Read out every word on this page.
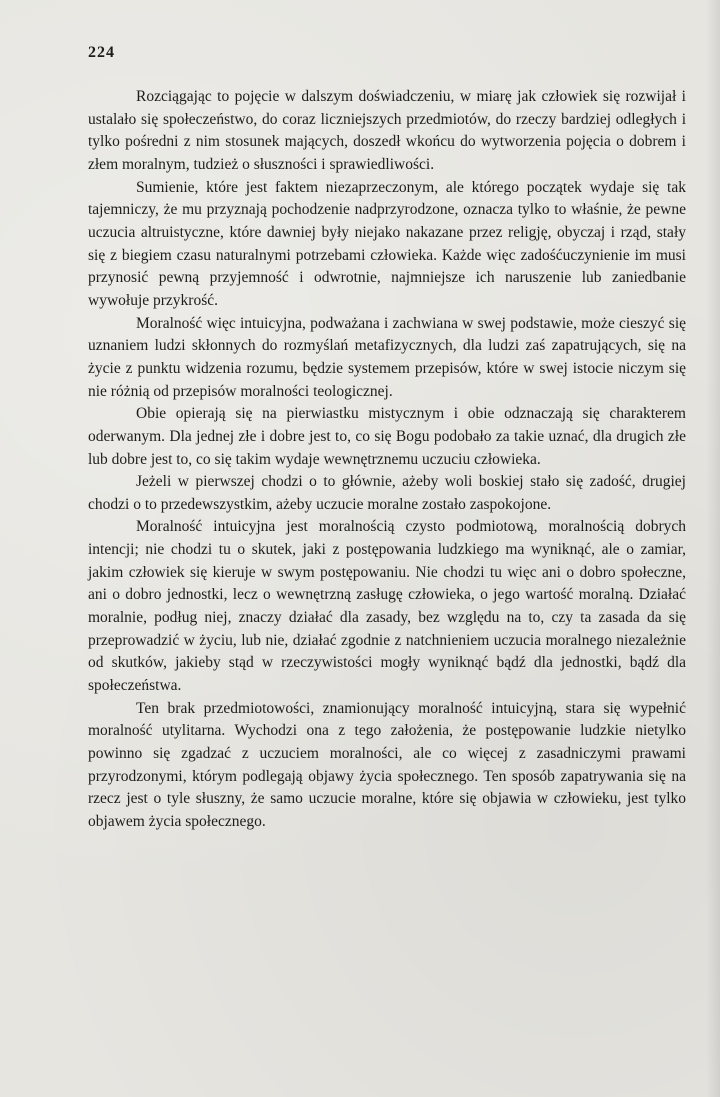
224

Rozciągając to pojęcie w dalszym doświadczeniu, w miarę jak człowiek się rozwijał i ustalało się społeczeństwo, do coraz liczniejszych przedmiotów, do rzeczy bardziej odległych i tylko pośredni z nim stosunek mających, doszedł wkońcu do wytworzenia pojęcia o dobrem i złem moralnym, tudzież o słuszności i sprawiedliwości.

Sumienie, które jest faktem niezaprzeczonym, ale którego początek wydaje się tak tajemniczy, że mu przyznają pochodzenie nadprzyrodzone, oznacza tylko to właśnie, że pewne uczucia altruistyczne, które dawniej były niejako nakazane przez religję, obyczaj i rząd, stały się z biegiem czasu naturalnymi potrzebami człowieka. Każde więc zadośćuczynienie im musi przynosić pewną przyjemność i odwrotnie, najmniejsze ich naruszenie lub zaniedbanie wywołuje przykrość.

Moralność więc intuicyjna, podważana i zachwiana w swej podstawie, może cieszyć się uznaniem ludzi skłonnych do rozmyślań metafizycznych, dla ludzi zaś zapatrujących, się na życie z punktu widzenia rozumu, będzie systemem przepisów, które w swej istocie niczym się nie różnią od przepisów moralności teologicznej.

Obie opierają się na pierwiastku mistycznym i obie odznaczają się charakterem oderwanym. Dla jednej złe i dobre jest to, co się Bogu podobało za takie uznać, dla drugich złe lub dobre jest to, co się takim wydaje wewnętrznemu uczuciu człowieka.

Jeżeli w pierwszej chodzi o to głównie, ażeby woli boskiej stało się zadość, drugiej chodzi o to przedewszystkim, ażeby uczucie moralne zostało zaspokojone.

Moralność intuicyjna jest moralnością czysto podmiotową, moralnością dobrych intencji; nie chodzi tu o skutek, jaki z postępowania ludzkiego ma wyniknąć, ale o zamiar, jakim człowiek się kieruje w swym postępowaniu. Nie chodzi tu więc ani o dobro społeczne, ani o dobro jednostki, lecz o wewnętrzną zasługę człowieka, o jego wartość moralną. Działać moralnie, podług niej, znaczy działać dla zasady, bez względu na to, czy ta zasada da się przeprowadzić w życiu, lub nie, działać zgodnie z natchnieniem uczucia moralnego niezależnie od skutków, jakieby stąd w rzeczywistości mogły wyniknąć bądź dla jednostki, bądź dla społeczeństwa.

Ten brak przedmiotowości, znamionujący moralność intuicyjną, stara się wypełnić moralność utylitarna. Wychodzi ona z tego założenia, że postępowanie ludzkie nietylko powinno się zgadzać z uczuciem moralności, ale co więcej z zasadniczymi prawami przyrodzonymi, którym podlegają objawy życia społecznego. Ten sposób zapatrywania się na rzecz jest o tyle słuszny, że samo uczucie moralne, które się objawia w człowieku, jest tylko objawem życia społecznego.
